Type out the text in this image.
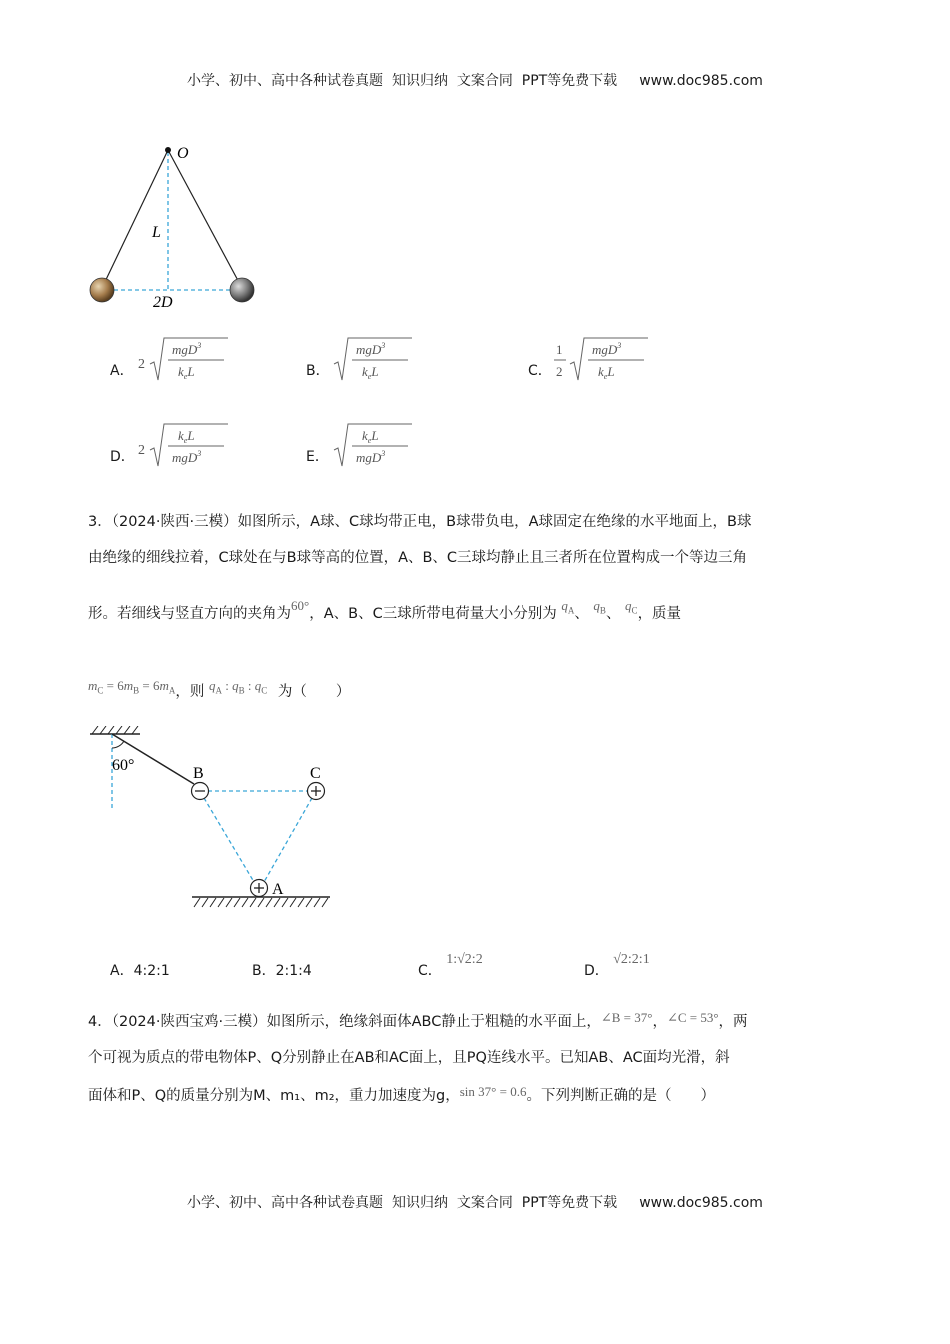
小学、初中、高中各种试卷真题  知识归纳  文案合同  PPT等免费下载 www.doc985.com
O
L
2D
A． 2
mgD$^3$
$k_eL$	B．
mgD$^3$
$k_eL$	C．
1
2
mgD$^3$
$k_eL$
D． 2
$k_eL$
mgD$^3$	E．
$k_eL$
mgD$^3$
3．（2024·陕西·三模）如图所示，A球、C球均带正电，B球带负电，A球固定在绝缘的水平地面上，B球
由绝缘的细线拉着，C球处在与B球等高的位置，A、B、C三球均静止且三者所在位置构成一个等边三角
形。若细线与竖直方向的夹角为60°，A、B、C三球所带电荷量大小分别为 $q_A$、 $q_B$、 $q_C$，质量
$m_C = 6m_B = 6m_A$，则 $q_A$ : $q_B$ : $q_C$ 为（　　）
60°	B	C
A
A．4:2:1	B．2:1:4	C． 1:√2:2
D． √2:2:1
4．（2024·陕西宝鸡·三模）如图所示，绝缘斜面体ABC静止于粗糙的水平面上，∠B = 37°，∠C = 53°，两
个可视为质点的带电物体P、Q分别静止在AB和AC面上，且PQ连线水平。已知AB、AC面均光滑，斜
面体和P、Q的质量分别为M、m₁、m₂，重力加速度为g，sin 37° = 0.6。下列判断正确的是（　　）
小学、初中、高中各种试卷真题  知识归纳  文案合同  PPT等免费下载 www.doc985.com
